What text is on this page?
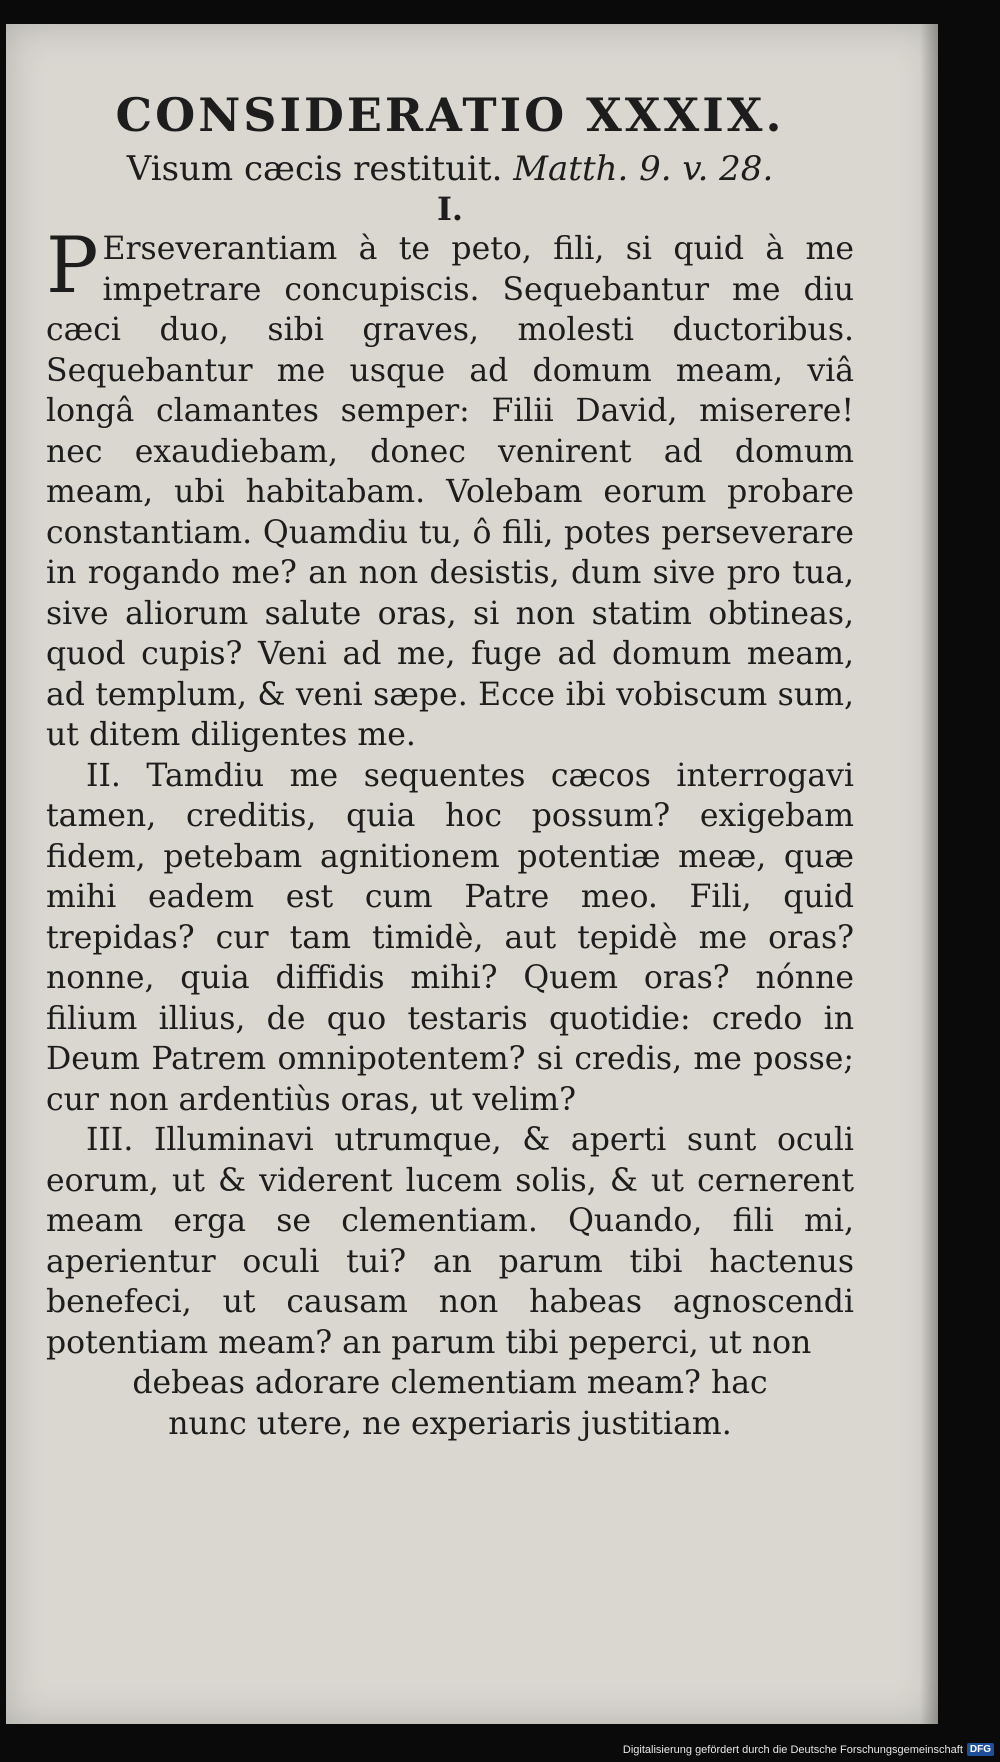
CONSIDERATIO XXXIX.

Visum cæcis restituit. Matth. 9. v. 28.

I.

P Erseverantiam à te peto, fili, si quid à me impetrare concupiscis. Sequebantur me diu cæci duo, sibi graves, molesti ductoribus. Sequebantur me usque ad domum meam, viâ longâ clamantes semper: Filii David, miserere! nec exaudiebam, donec venirent ad domum meam, ubi habitabam. Volebam eorum probare constantiam. Quamdiu tu, ô fili, potes perseverare in rogando me? an non desistis, dum sive pro tua, sive aliorum salute oras, si non statim obtineas, quod cupis? Veni ad me, fuge ad domum meam, ad templum, & veni sæpe. Ecce ibi vobiscum sum, ut ditem diligentes me.

II. Tamdiu me sequentes cæcos interrogavi tamen, creditis, quia hoc possum? exigebam fidem, petebam agnitionem potentiæ meæ, quæ mihi eadem est cum Patre meo. Fili, quid trepidas? cur tam timidè, aut tepidè me oras? nonne, quia diffidis mihi? Quem oras? nónne filium illius, de quo testaris quotidie: credo in Deum Patrem omnipotentem? si credis, me posse; cur non ardentiùs oras, ut velim?

III. Illuminavi utrumque, & aperti sunt oculi eorum, ut & viderent lucem solis, & ut cernerent meam erga se clementiam. Quando, fili mi, aperientur oculi tui? an parum tibi hactenus benefeci, ut causam non habeas agnoscendi potentiam meam? an parum tibi peperci, ut non

debeas adorare clementiam meam? hac

nunc utere, ne experiaris justitiam.

Digitalisierung gefördert durch die Deutsche Forschungsgemeinschaft DFG
